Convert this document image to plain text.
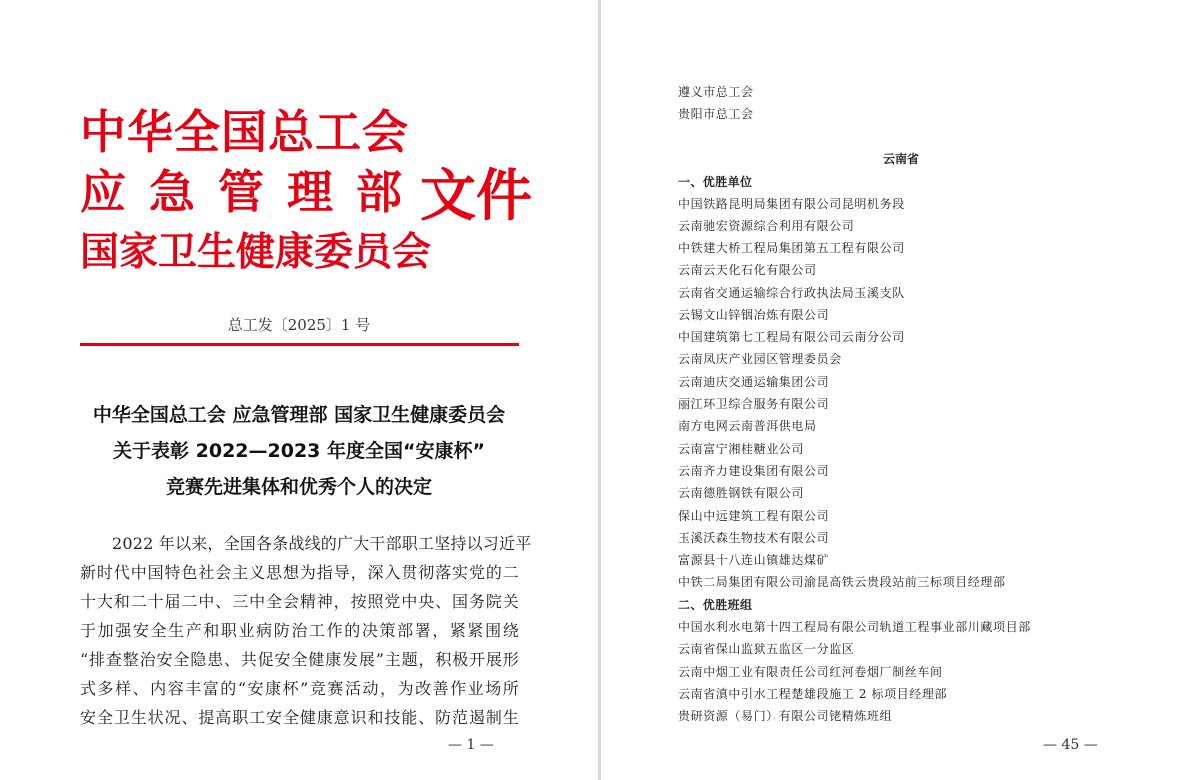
中华全国总工会
应急管理部
国家卫生健康委员会
文件

总工发〔2025〕1 号

中华全国总工会 应急管理部 国家卫生健康委员会
关于表彰 2022—2023 年度全国“安康杯”
竞赛先进集体和优秀个人的决定

2022 年以来，全国各条战线的广大干部职工坚持以习近平

新时代中国特色社会主义思想为指导，深入贯彻落实党的二

十大和二十届二中、三中全会精神，按照党中央、国务院关

于加强安全生产和职业病防治工作的决策部署，紧紧围绕

“排查整治安全隐患、共促安全健康发展”主题，积极开展形

式多样、内容丰富的“安康杯”竞赛活动，为改善作业场所

安全卫生状况、提高职工安全健康意识和技能、防范遏制生

— 1 —

遵义市总工会

贵阳市总工会

云南省

一、优胜单位

中国铁路昆明局集团有限公司昆明机务段

云南驰宏资源综合利用有限公司

中铁建大桥工程局集团第五工程有限公司

云南云天化石化有限公司

云南省交通运输综合行政执法局玉溪支队

云锡文山锌铟冶炼有限公司

中国建筑第七工程局有限公司云南分公司

云南凤庆产业园区管理委员会

云南迪庆交通运输集团公司

丽江环卫综合服务有限公司

南方电网云南普洱供电局

云南富宁湘桂糖业公司

云南齐力建设集团有限公司

云南德胜钢铁有限公司

保山中远建筑工程有限公司

玉溪沃森生物技术有限公司

富源县十八连山镇雄达煤矿

中铁二局集团有限公司渝昆高铁云贵段站前三标项目经理部

二、优胜班组

中国水利水电第十四工程局有限公司轨道工程事业部川藏项目部

云南省保山监狱五监区一分监区

云南中烟工业有限责任公司红河卷烟厂制丝车间

云南省滇中引水工程楚雄段施工 2 标项目经理部

贵研资源（易门）有限公司铑精炼班组

— 45 —
